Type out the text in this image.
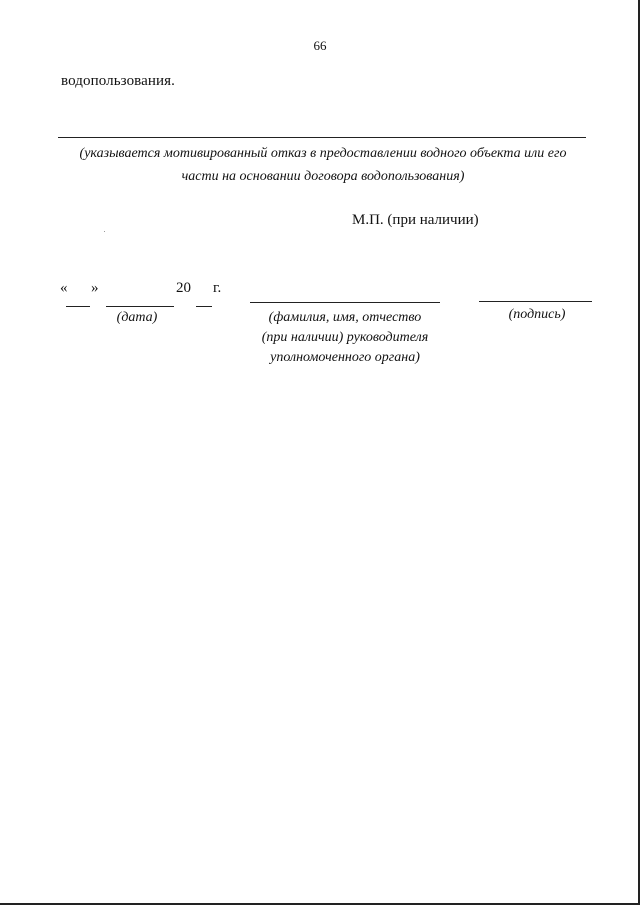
66
водопользования.
(указывается мотивированный отказ в предоставлении водного объекта или его
части на основании договора водопользования)
М.П. (при наличии)
« »	20 г.
(дата)	(фамилия, имя, отчество
(при наличии) руководителя
уполномоченного органа)
(подпись)
